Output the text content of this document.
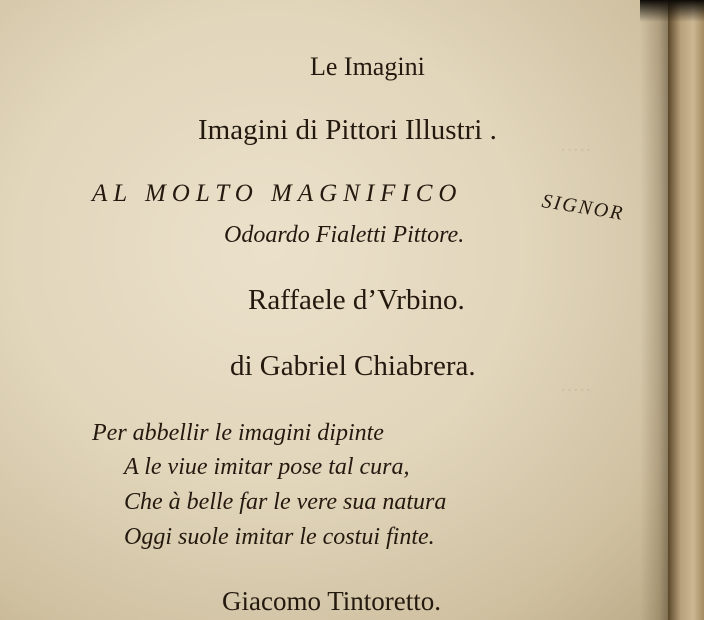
·····
·····
Le Imagini
Imagini di Pittori Illustri .
AL MOLTO MAGNIFICO	SIGNOR
Odoardo Fialetti Pittore.
Raffaele d’Vrbino.
di Gabriel Chiabrera.
Per abbellir le imagini dipinte
A le viue imitar pose tal cura,
Che à belle far le vere sua natura
Oggi suole imitar le costui finte.
Giacomo Tintoretto.
